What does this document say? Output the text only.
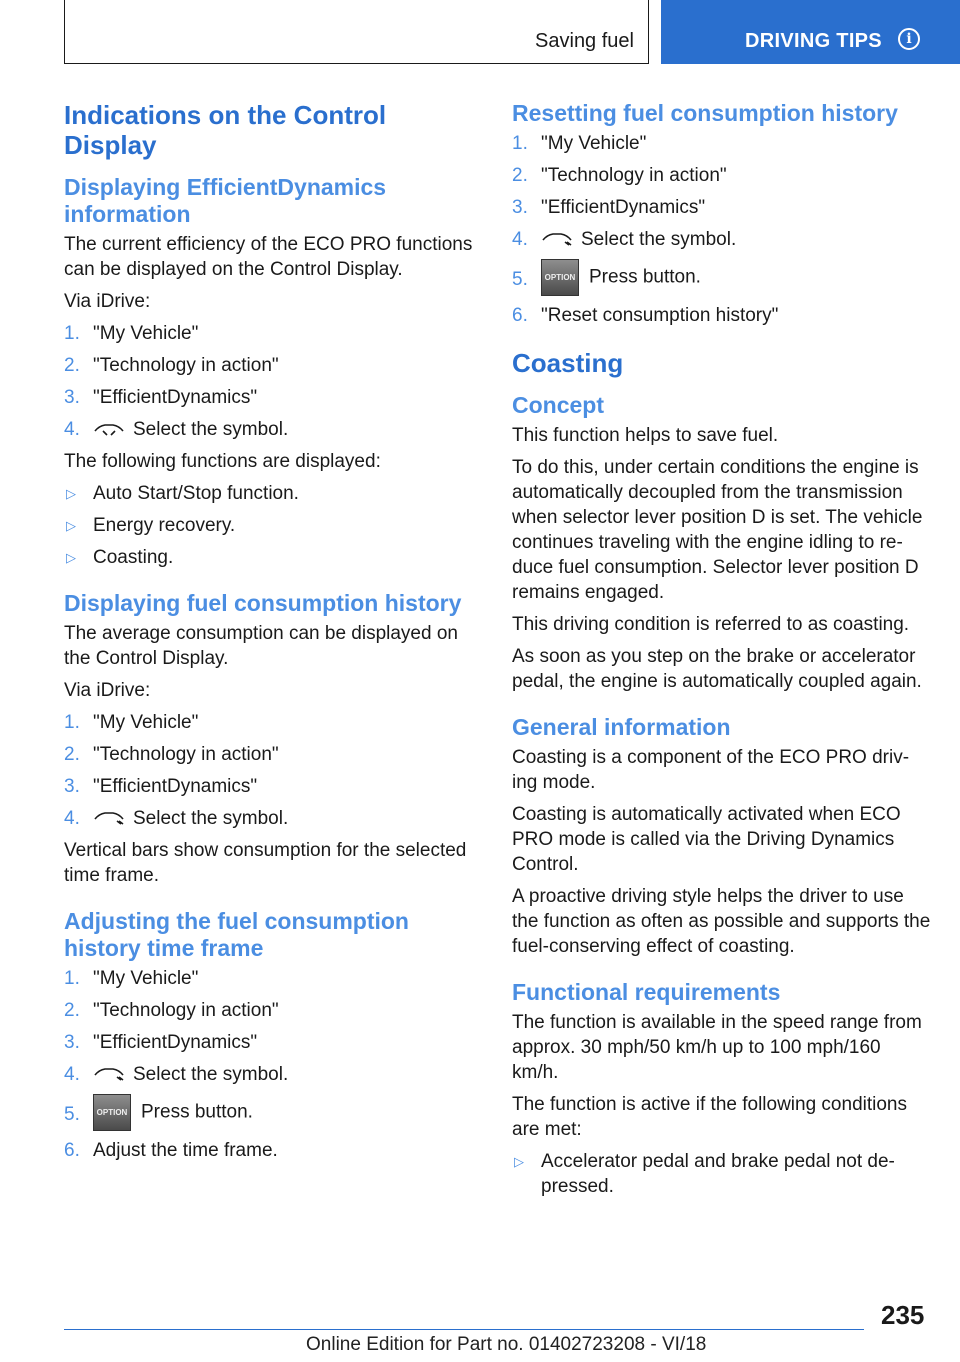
Saving fuel	DRIVING TIPS	i
Indications on the Control Display
Displaying EfficientDynamics information

The current efficiency of the ECO PRO functions can be displayed on the Control Display.

Via iDrive:

1. "My Vehicle"
2. "Technology in action"
3. "EfficientDynamics"
4.	Select the symbol.

The following functions are displayed:

▷ Auto Start/Stop function.
▷ Energy recovery.
▷ Coasting.
Displaying fuel consumption history

The average consumption can be displayed on the Control Display.

Via iDrive:

1. "My Vehicle"
2. "Technology in action"
3. "EfficientDynamics"
4.	Select the symbol.

Vertical bars show consumption for the selected time frame.

Adjusting the fuel consumption history time frame
1. "My Vehicle"
2. "Technology in action"
3. "EfficientDynamics"
4.	Select the symbol.
5. OPTION Press button.
6. Adjust the time frame.
Resetting fuel consumption history
1. "My Vehicle"
2. "Technology in action"
3. "EfficientDynamics"
4.	Select the symbol.
5. OPTION Press button.
6. "Reset consumption history"
Coasting
Concept

This function helps to save fuel.

To do this, under certain conditions the engine is automatically decoupled from the transmission when selector lever position D is set. The vehicle continues traveling with the engine idling to re-duce fuel consumption. Selector lever position D remains engaged.

This driving condition is referred to as coasting.

As soon as you step on the brake or accelerator pedal, the engine is automatically coupled again.

General information

Coasting is a component of the ECO PRO driv-ing mode.

Coasting is automatically activated when ECO PRO mode is called via the Driving Dynamics Control.

A proactive driving style helps the driver to use the function as often as possible and supports the fuel-conserving effect of coasting.

Functional requirements

The function is available in the speed range from approx. 30 mph/50 km/h up to 100 mph/160 km/h.

The function is active if the following conditions are met:

▷ Accelerator pedal and brake pedal not de-pressed.
235
Online Edition for Part no. 01402723208 - VI/18
